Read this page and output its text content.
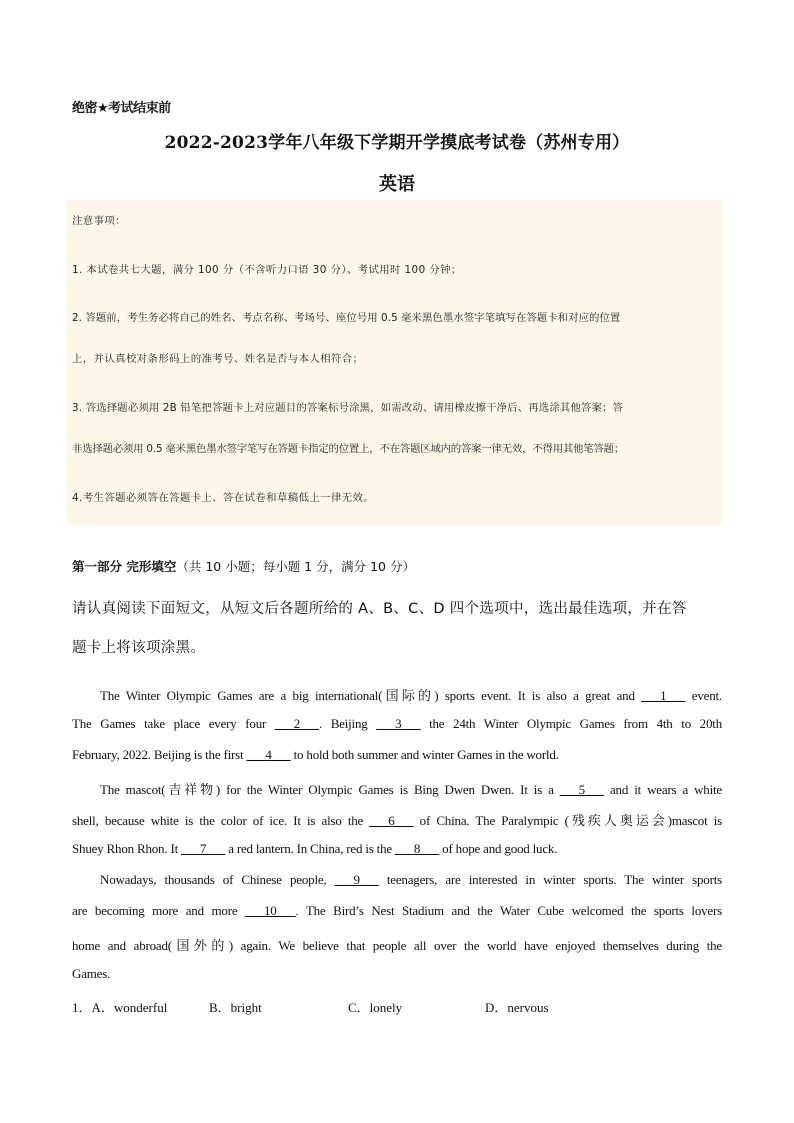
绝密★考试结束前
2022-2023学年八年级下学期开学摸底考试卷（苏州专用）
英语
注意事项：
1. 本试卷共七大题，满分 100 分（不含听力口语 30 分）、考试用时 100 分钟；
2. 答题前，考生务必将自己的姓名、考点名称、考场号、座位号用 0.5 毫米黑色墨水签字笔填写在答题卡和对应的位置
上，并认真校对条形码上的准考号、姓名是否与本人相符合；
3. 答选择题必须用 2B 铅笔把答题卡上对应题目的答案标号涂黑，如需改动、请用橡皮擦干净后、再选涂其他答案；答
非选择题必须用 0.5 毫米黑色墨水签字笔写在答题卡指定的位置上，不在答题区域内的答案一律无效，不得用其他笔答题；
4.考生答题必须答在答题卡上、答在试卷和草稿低上一律无效。
第一部分 完形填空（共 10 小题；每小题 1 分，满分 10 分）
请认真阅读下面短文，从短文后各题所给的 A、B、C、D 四个选项中，选出最佳选项，并在答
题卡上将该项涂黑。
The Winter Olympic Games are a big international(国际的) sports event. It is also a great and ___1___ event.
The Games take place every four ___2___. Beijing ___3___ the 24th Winter Olympic Games from 4th to 20th
February, 2022. Beijing is the first ___4___ to hold both summer and winter Games in the world.
The mascot(吉祥物) for the Winter Olympic Games is Bing Dwen Dwen. It is a ___5___ and it wears a white
shell, because white is the color of ice. It is also the ___6___ of China. The Paralympic (残疾人奥运会)mascot is
Shuey Rhon Rhon. It ___7___ a red lantern. In China, red is the ___8___ of hope and good luck.
Nowadays, thousands of Chinese people, ___9___ teenagers, are interested in winter sports. The winter sports
are becoming more and more ___10___. The Bird’s Nest Stadium and the Water Cube welcomed the sports lovers
home and abroad(国外的) again. We believe that people all over the world have enjoyed themselves during the
Games.
1．A．wonderful	B．bright	C．lonely	D．nervous
